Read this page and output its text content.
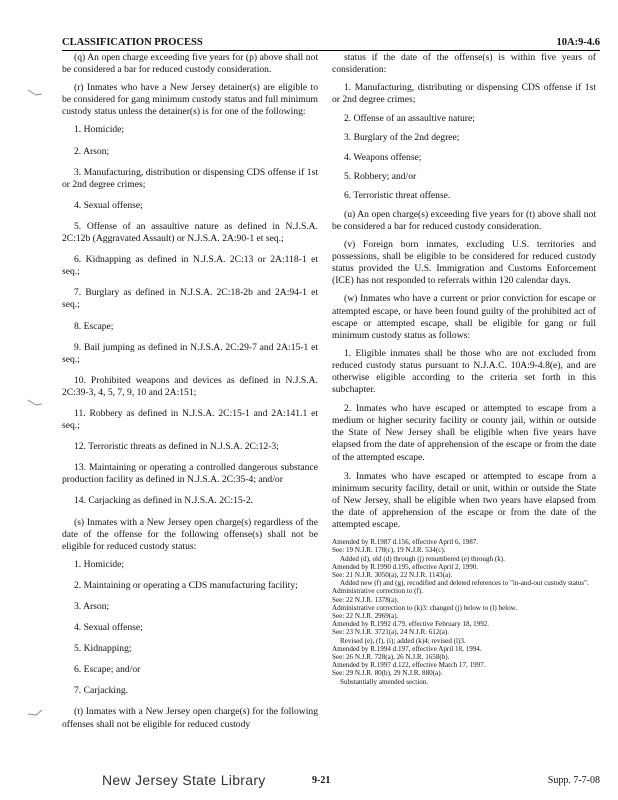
CLASSIFICATION PROCESS	10A:9-4.6
(q) An open charge exceeding five years for (p) above shall not be considered a bar for reduced custody consideration.
(r) Inmates who have a New Jersey detainer(s) are eligible to be considered for gang minimum custody status and full minimum custody status unless the detainer(s) is for one of the following:
1. Homicide;
2. Arson;
3. Manufacturing, distribution or dispensing CDS offense if 1st or 2nd degree crimes;
4. Sexual offense;
5. Offense of an assaultive nature as defined in N.J.S.A. 2C:12b (Aggravated Assault) or N.J.S.A. 2A:90-1 et seq.;
6. Kidnapping as defined in N.J.S.A. 2C:13 or 2A:118-1 et seq.;
7. Burglary as defined in N.J.S.A. 2C:18-2b and 2A:94-1 et seq.;
8. Escape;
9. Bail jumping as defined in N.J.S.A. 2C:29-7 and 2A:15-1 et seq.;
10. Prohibited weapons and devices as defined in N.J.S.A. 2C:39-3, 4, 5, 7, 9, 10 and 2A:151;
11. Robbery as defined in N.J.S.A. 2C:15-1 and 2A:141.1 et seq.;
12. Terroristic threats as defined in N.J.S.A. 2C:12-3;
13. Maintaining or operating a controlled dangerous substance production facility as defined in N.J.S.A. 2C:35-4; and/or
14. Carjacking as defined in N.J.S.A. 2C:15-2.
(s) Inmates with a New Jersey open charge(s) regardless of the date of the offense for the following offense(s) shall not be eligible for reduced custody status:
1. Homicide;
2. Maintaining or operating a CDS manufacturing facility;
3. Arson;
4. Sexual offense;
5. Kidnapping;
6. Escape; and/or
7. Carjacking.
(t) Inmates with a New Jersey open charge(s) for the following offenses shall not be eligible for reduced custody
status if the date of the offense(s) is within five years of consideration:
1. Manufacturing, distributing or dispensing CDS offense if 1st or 2nd degree crimes;
2. Offense of an assaultive nature;
3. Burglary of the 2nd degree;
4. Weapons offense;
5. Robbery; and/or
6. Terroristic threat offense.
(u) An open charge(s) exceeding five years for (t) above shall not be considered a bar for reduced custody consideration.
(v) Foreign born inmates, excluding U.S. territories and possessions, shall be eligible to be considered for reduced custody status provided the U.S. Immigration and Customs Enforcement (ICE) has not responded to referrals within 120 calendar days.
(w) Inmates who have a current or prior conviction for escape or attempted escape, or have been found guilty of the prohibited act of escape or attempted escape, shall be eligible for gang or full minimum custody status as follows:
1. Eligible inmates shall be those who are not excluded from reduced custody status pursuant to N.J.A.C. 10A:9-4.8(e), and are otherwise eligible according to the criteria set forth in this subchapter.
2. Inmates who have escaped or attempted to escape from a medium or higher security facility or county jail, within or outside the State of New Jersey shall be eligible when five years have elapsed from the date of apprehension of the escape or from the date of the attempted escape.
3. Inmates who have escaped or attempted to escape from a minimum security facility, detail or unit, within or outside the State of New Jersey, shall be eligible when two years have elapsed from the date of apprehension of the escape or from the date of the attempted escape.
Amended by R.1987 d.156, effective April 6, 1987.
See: 19 N.J.R. 178(c), 19 N.J.R. 534(c).
Added (d), old (d) through (j) renumbered (e) through (k).
Amended by R.1990 d.195, effective April 2, 1990.
See: 21 N.J.R. 3050(a), 22 N.J.R. 1143(a).
Added new (f) and (g), recodified and deleted references to "in-and-out custody status".
Administrative correction to (f).
See: 22 N.J.R. 1378(a).
Administrative correction to (k)3: changed (j) below to (l) below.
See: 22 N.J.R. 2969(a).
Amended by R.1992 d.79, effective February 18, 1992.
See: 23 N.J.R. 3721(a), 24 N.J.R. 612(a).
Revised (e), (f), (i); added (k)4; revised (l)3.
Amended by R.1994 d.197, effective April 18, 1994.
See: 26 N.J.R. 728(a), 26 N.J.R. 1658(b).
Amended by R.1997 d.122, effective March 17, 1997.
See: 29 N.J.R. 80(b), 29 N.J.R. 880(a).
Substantially amended section.
New Jersey State Library	9-21	Supp. 7-7-08
